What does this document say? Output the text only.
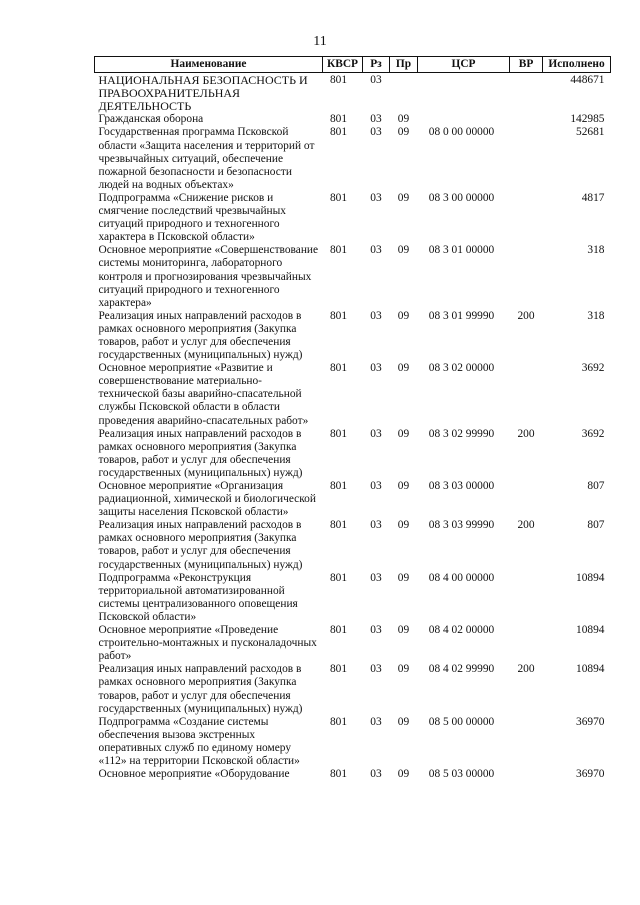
11
Наименование	КВСР	Рз	Пр	ЦСР	ВР	Исполнено
НАЦИОНАЛЬНАЯ БЕЗОПАСНОСТЬ И ПРАВООХРАНИТЕЛЬНАЯ ДЕЯТЕЛЬНОСТЬ	801	03				448671
Гражданская оборона	801	03	09			142985
Государственная программа Псковской области «Защита населения и территорий от чрезвычайных ситуаций, обеспечение пожарной безопасности и безопасности людей на водных объектах»	801	03	09	08 0 00 00000		52681
Подпрограмма «Снижение рисков и смягчение последствий чрезвычайных ситуаций природного и техногенного характера в Псковской области»	801	03	09	08 3 00 00000		4817
Основное мероприятие «Совершенствование системы мониторинга, лабораторного контроля и прогнозирования чрезвычайных ситуаций природного и техногенного характера»	801	03	09	08 3 01 00000		318
Реализация иных направлений расходов в рамках основного мероприятия (Закупка товаров, работ и услуг для обеспечения государственных (муниципальных) нужд)	801	03	09	08 3 01 99990	200	318
Основное мероприятие «Развитие и совершенствование материально-технической базы аварийно-спасательной службы Псковской области в области проведения аварийно-спасательных работ»	801	03	09	08 3 02 00000		3692
Реализация иных направлений расходов в рамках основного мероприятия (Закупка товаров, работ и услуг для обеспечения государственных (муниципальных) нужд)	801	03	09	08 3 02 99990	200	3692
Основное мероприятие «Организация радиационной, химической и биологической защиты населения Псковской области»	801	03	09	08 3 03 00000		807
Реализация иных направлений расходов в рамках основного мероприятия (Закупка товаров, работ и услуг для обеспечения государственных (муниципальных) нужд)	801	03	09	08 3 03 99990	200	807
Подпрограмма «Реконструкция территориальной автоматизированной системы централизованного оповещения Псковской области»	801	03	09	08 4 00 00000		10894
Основное мероприятие «Проведение строительно-монтажных и пусконаладочных работ»	801	03	09	08 4 02 00000		10894
Реализация иных направлений расходов в рамках основного мероприятия (Закупка товаров, работ и услуг для обеспечения государственных (муниципальных) нужд)	801	03	09	08 4 02 99990	200	10894
Подпрограмма «Создание системы обеспечения вызова экстренных оперативных служб по единому номеру «112» на территории Псковской области»	801	03	09	08 5 00 00000		36970
Основное мероприятие «Оборудование	801	03	09	08 5 03 00000		36970
